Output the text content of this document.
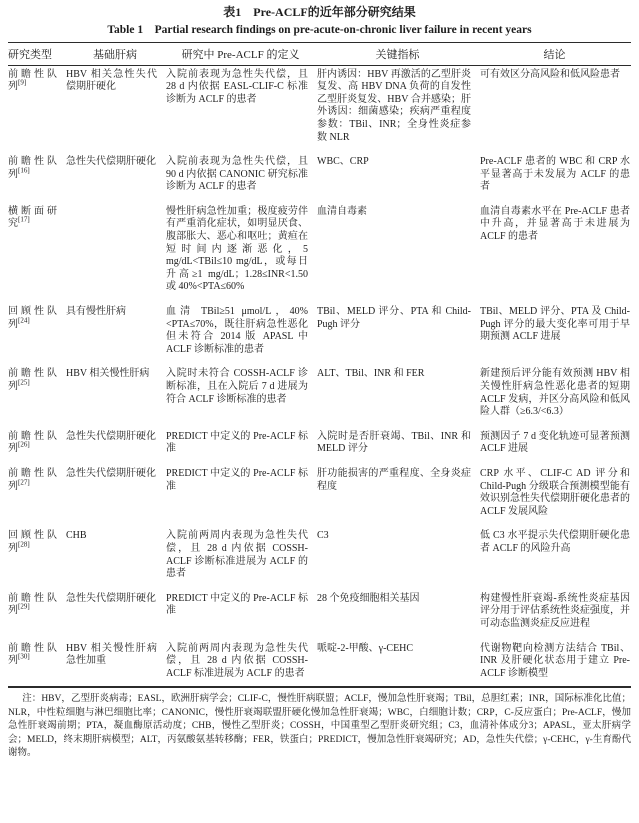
表1　Pre-ACLF的近年部分研究结果
Table 1　Partial research findings on pre-acute-on-chronic liver failure in recent years
研究类型	基础肝病	研究中 Pre-ACLF 的定义	关键指标	结论
前瞻性队列[9]	HBV 相关急性失代偿期肝硬化	入院前表现为急性失代偿，且 28 d 内依据 EASL-CLIF-C 标准诊断为 ACLF 的患者	肝内诱因：HBV 再激活的乙型肝炎复发、高 HBV DNA 负荷的自发性乙型肝炎复发、HBV 合并感染；肝外诱因：细菌感染；疾病严重程度参数：TBil、INR；全身性炎症参数 NLR	可有效区分高风险和低风险患者
前瞻性队列[16]	急性失代偿期肝硬化	入院前表现为急性失代偿，且 90 d 内依据 CANONIC 研究标准诊断为 ACLF 的患者	WBC、CRP	Pre-ACLF 患者的 WBC 和 CRP 水平显著高于未发展为 ACLF 的患者
横断面研究[17]		慢性肝病急性加重；极度疲劳伴有严重消化症状，如明显厌食、腹部胀大、恶心和呕吐；黄疸在短时间内逐渐恶化，5 mg/dL<TBil≤10 mg/dL，或每日升高≥1 mg/dL；1.28≤INR<1.50 或 40%<PTA≤60%	血清自毒素	血清自毒素水平在 Pre-ACLF 患者中升高，并显著高于未进展为 ACLF 的患者
回顾性队列[24]	具有慢性肝病	血清 TBil≥51 μmol/L，40%<PTA≤70%，既往肝病急性恶化但未符合 2014 版 APASL 中 ACLF 诊断标准的患者	TBil、MELD 评分、PTA 和 Child-Pugh 评分	TBil、MELD 评分、PTA 及 Child-Pugh 评分的最大变化率可用于早期预测 ACLF 进展
前瞻性队列[25]	HBV 相关慢性肝病	入院时未符合 COSSH-ACLF 诊断标准，且在入院后 7 d 进展为符合 ACLF 诊断标准的患者	ALT、TBil、INR 和 FER	新建预后评分能有效预测 HBV 相关慢性肝病急性恶化患者的短期 ACLF 发病，并区分高风险和低风险人群（≥6.3/<6.3）
前瞻性队列[26]	急性失代偿期肝硬化	PREDICT 中定义的 Pre-ACLF 标准	入院时是否肝衰竭、TBil、INR 和 MELD 评分	预测因子 7 d 变化轨迹可显著预测 ACLF 进展
前瞻性队列[27]	急性失代偿期肝硬化	PREDICT 中定义的 Pre-ACLF 标准	肝功能损害的严重程度、全身炎症程度	CRP 水平、CLIF-C AD 评分和 Child-Pugh 分级联合预测模型能有效识别急性失代偿期肝硬化患者的 ACLF 发展风险
回顾性队列[28]	CHB	入院前两周内表现为急性失代偿，且 28 d 内依据 COSSH-ACLF 诊断标准进展为 ACLF 的患者	C3	低 C3 水平提示失代偿期肝硬化患者 ACLF 的风险升高
前瞻性队列[29]	急性失代偿期肝硬化	PREDICT 中定义的 Pre-ACLF 标准	28 个免疫细胞相关基因	构建慢性肝衰竭-系统性炎症基因评分用于评估系统性炎症强度，并可动态监测炎症反应进程
前瞻性队列[30]	HBV 相关慢性肝病急性加重	入院前两周内表现为急性失代偿，且 28 d 内依据 COSSH-ACLF 标准进展为 ACLF 的患者	哌啶-2-甲酸、γ-CEHC	代谢物靶向检测方法结合 TBil、INR 及肝硬化状态用于建立 Pre-ACLF 诊断模型
注：HBV，乙型肝炎病毒；EASL，欧洲肝病学会；CLIF-C，慢性肝病联盟；ACLF，慢加急性肝衰竭；TBil，总胆红素；INR，国际标准化比值；NLR，中性粒细胞与淋巴细胞比率；CANONIC，慢性肝衰竭联盟肝硬化慢加急性肝衰竭；WBC，白细胞计数；CRP，C-反应蛋白；Pre-ACLF，慢加急性肝衰竭前期；PTA，凝血酶原活动度；CHB，慢性乙型肝炎；COSSH，中国重型乙型肝炎研究组；C3，血清补体成分3；APASL，亚太肝病学会；MELD，终末期肝病模型；ALT，丙氨酸氨基转移酶；FER，铁蛋白；PREDICT，慢加急性肝衰竭研究；AD，急性失代偿；γ-CEHC，γ-生育酚代谢物。
